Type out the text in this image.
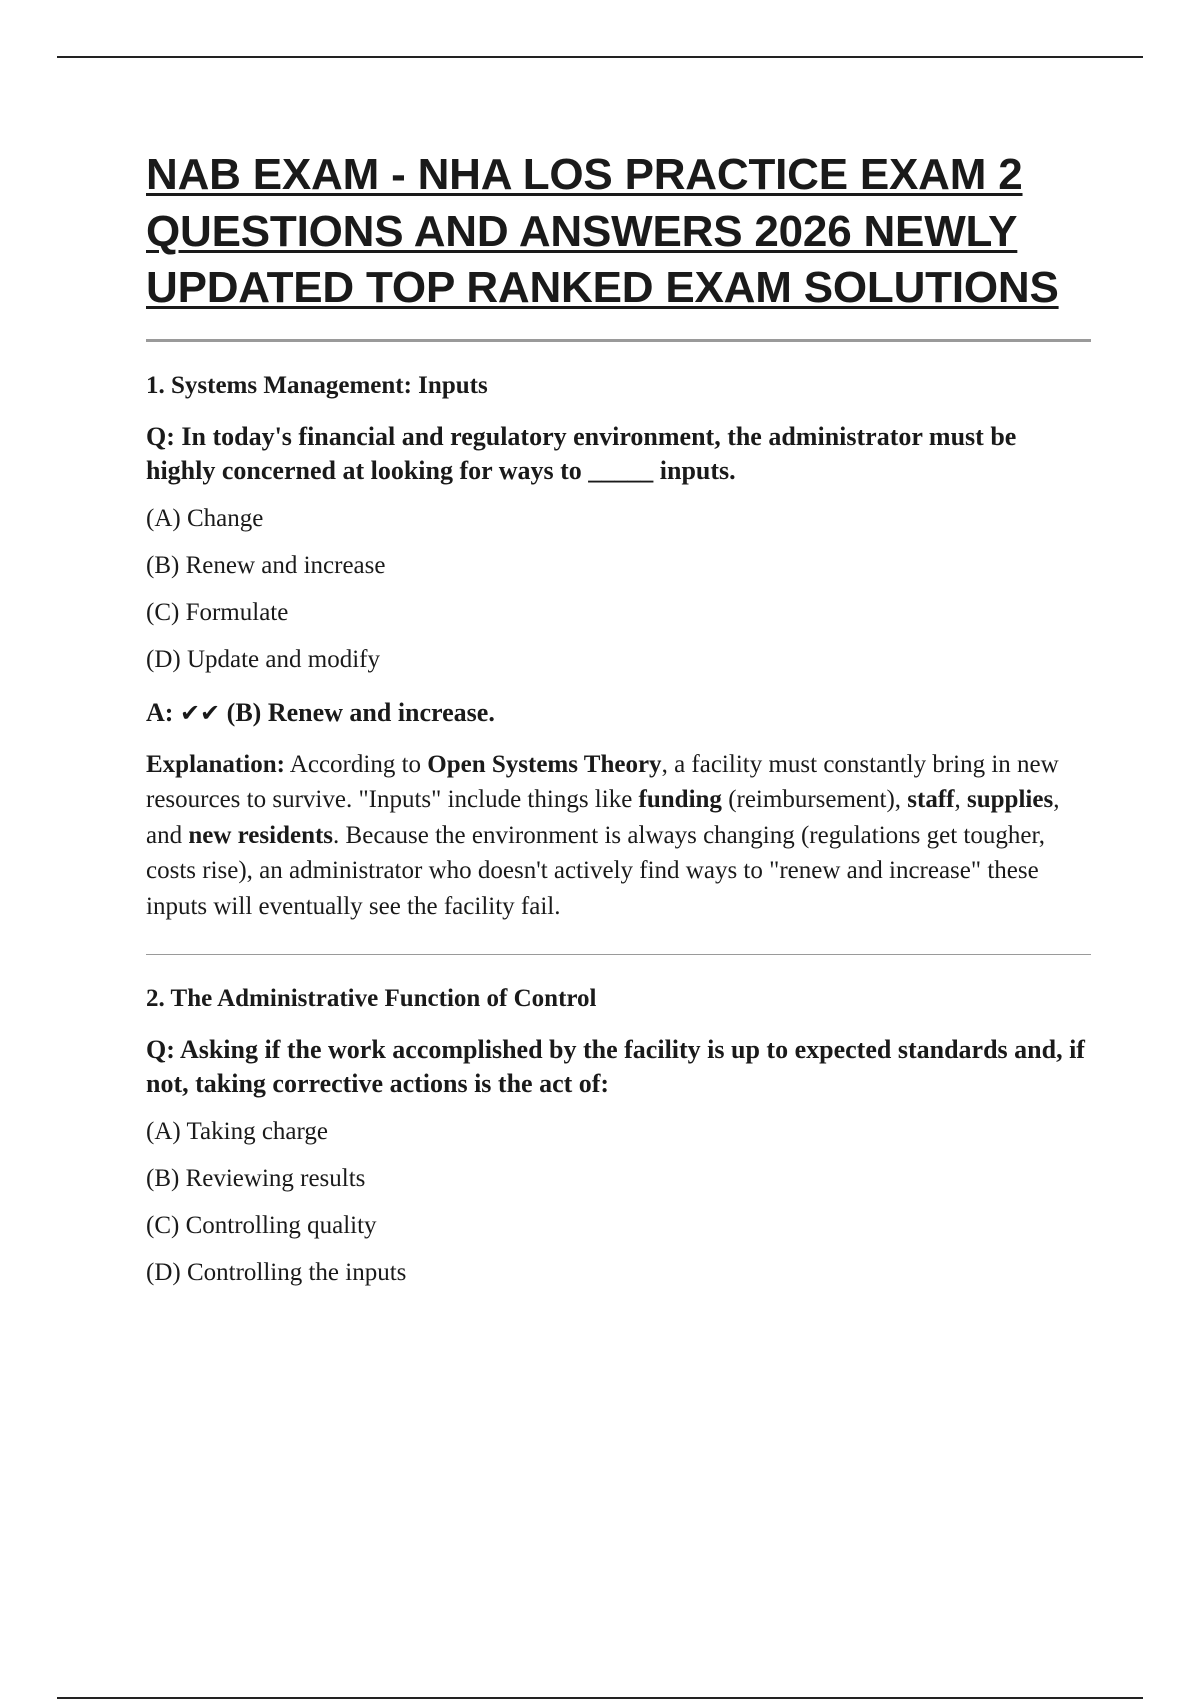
NAB EXAM - NHA LOS PRACTICE EXAM 2 QUESTIONS AND ANSWERS 2026 NEWLY UPDATED TOP RANKED EXAM SOLUTIONS

1. Systems Management: Inputs

Q: In today's financial and regulatory environment, the administrator must be highly concerned at looking for ways to _____ inputs.

(A) Change

(B) Renew and increase

(C) Formulate

(D) Update and modify

A: ✔✔ (B) Renew and increase.

Explanation: According to Open Systems Theory, a facility must constantly bring in new resources to survive. "Inputs" include things like funding (reimbursement), staff, supplies, and new residents. Because the environment is always changing (regulations get tougher, costs rise), an administrator who doesn't actively find ways to "renew and increase" these inputs will eventually see the facility fail.

2. The Administrative Function of Control

Q: Asking if the work accomplished by the facility is up to expected standards and, if not, taking corrective actions is the act of:

(A) Taking charge

(B) Reviewing results

(C) Controlling quality

(D) Controlling the inputs
